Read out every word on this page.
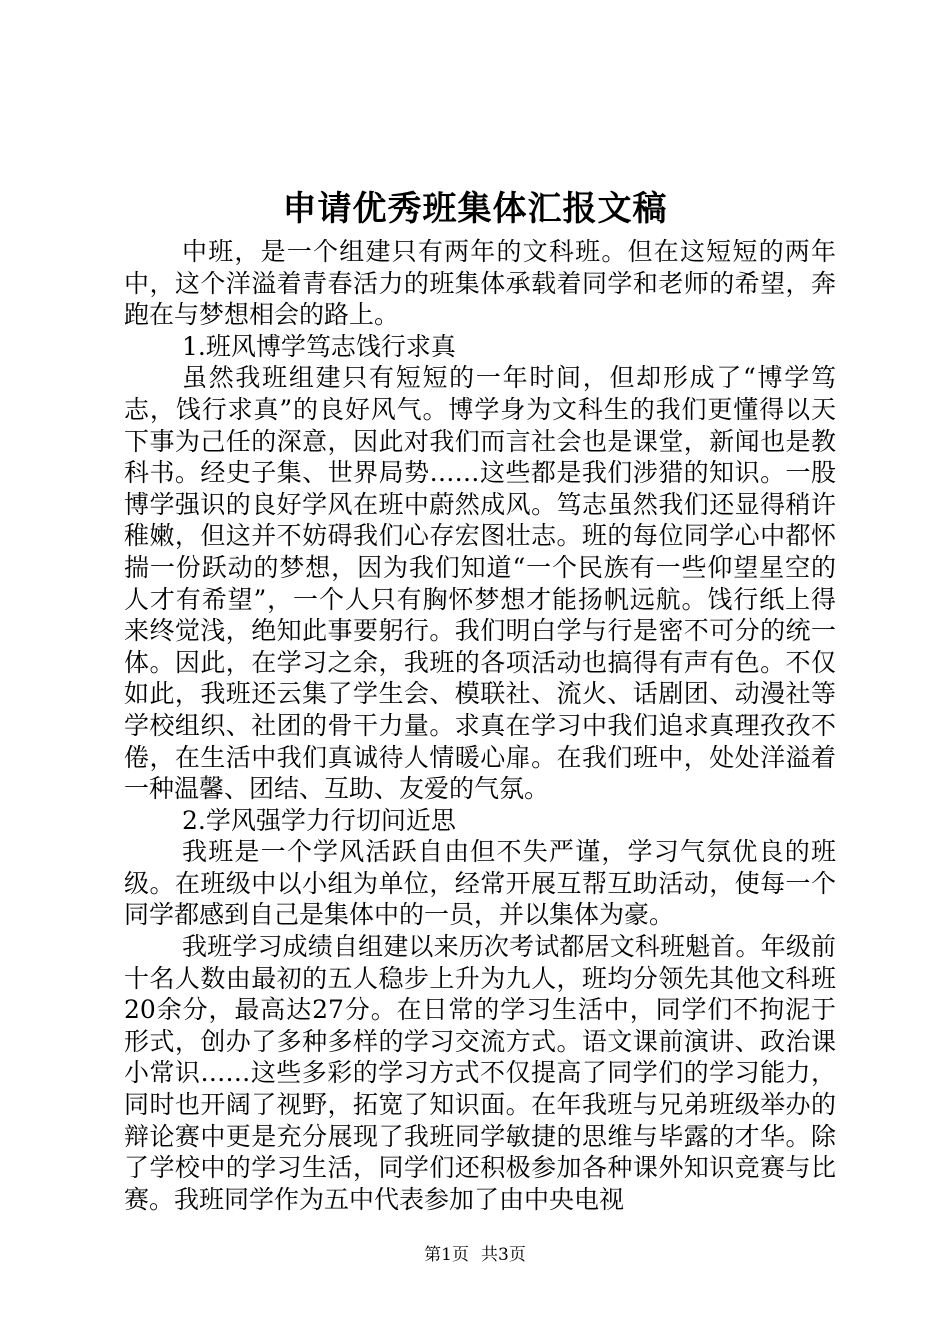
申请优秀班集体汇报文稿

中班，是一个组建只有两年的文科班。但在这短短的两年中，这个洋溢着青春活力的班集体承载着同学和老师的希望，奔跑在与梦想相会的路上。

1.班风博学笃志饯行求真

虽然我班组建只有短短的一年时间，但却形成了“博学笃志，饯行求真”的良好风气。博学身为文科生的我们更懂得以天下事为己任的深意，因此对我们而言社会也是课堂，新闻也是教科书。经史子集、世界局势……这些都是我们涉猎的知识。一股博学强识的良好学风在班中蔚然成风。笃志虽然我们还显得稍许稚嫩，但这并不妨碍我们心存宏图壮志。班的每位同学心中都怀揣一份跃动的梦想，因为我们知道“一个民族有一些仰望星空的人才有希望”，一个人只有胸怀梦想才能扬帆远航。饯行纸上得来终觉浅，绝知此事要躬行。我们明白学与行是密不可分的统一体。因此，在学习之余，我班的各项活动也搞得有声有色。不仅如此，我班还云集了学生会、模联社、流火、话剧团、动漫社等学校组织、社团的骨干力量。求真在学习中我们追求真理孜孜不倦，在生活中我们真诚待人情暖心扉。在我们班中，处处洋溢着一种温馨、团结、互助、友爱的气氛。

2.学风强学力行切问近思

我班是一个学风活跃自由但不失严谨，学习气氛优良的班级。在班级中以小组为单位，经常开展互帮互助活动，使每一个同学都感到自己是集体中的一员，并以集体为豪。

我班学习成绩自组建以来历次考试都居文科班魁首。年级前十名人数由最初的五人稳步上升为九人，班均分领先其他文科班20余分，最高达27分。在日常的学习生活中，同学们不拘泥于形式，创办了多种多样的学习交流方式。语文课前演讲、政治课小常识……这些多彩的学习方式不仅提高了同学们的学习能力，同时也开阔了视野，拓宽了知识面。在年我班与兄弟班级举办的辩论赛中更是充分展现了我班同学敏捷的思维与毕露的才华。除了学校中的学习生活，同学们还积极参加各种课外知识竞赛与比赛。我班同学作为五中代表参加了由中央电视

第1页 共3页
